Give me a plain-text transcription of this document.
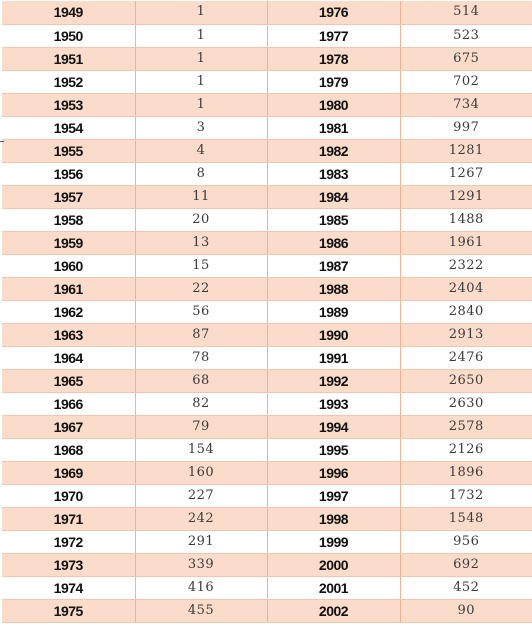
1949	1	1976	514
1950	1	1977	523
1951	1	1978	675
1952	1	1979	702
1953	1	1980	734
1954	3	1981	997
1955	4	1982	1281
1956	8	1983	1267
1957	11	1984	1291
1958	20	1985	1488
1959	13	1986	1961
1960	15	1987	2322
1961	22	1988	2404
1962	56	1989	2840
1963	87	1990	2913
1964	78	1991	2476
1965	68	1992	2650
1966	82	1993	2630
1967	79	1994	2578
1968	154	1995	2126
1969	160	1996	1896
1970	227	1997	1732
1971	242	1998	1548
1972	291	1999	956
1973	339	2000	692
1974	416	2001	452
1975	455	2002	90
